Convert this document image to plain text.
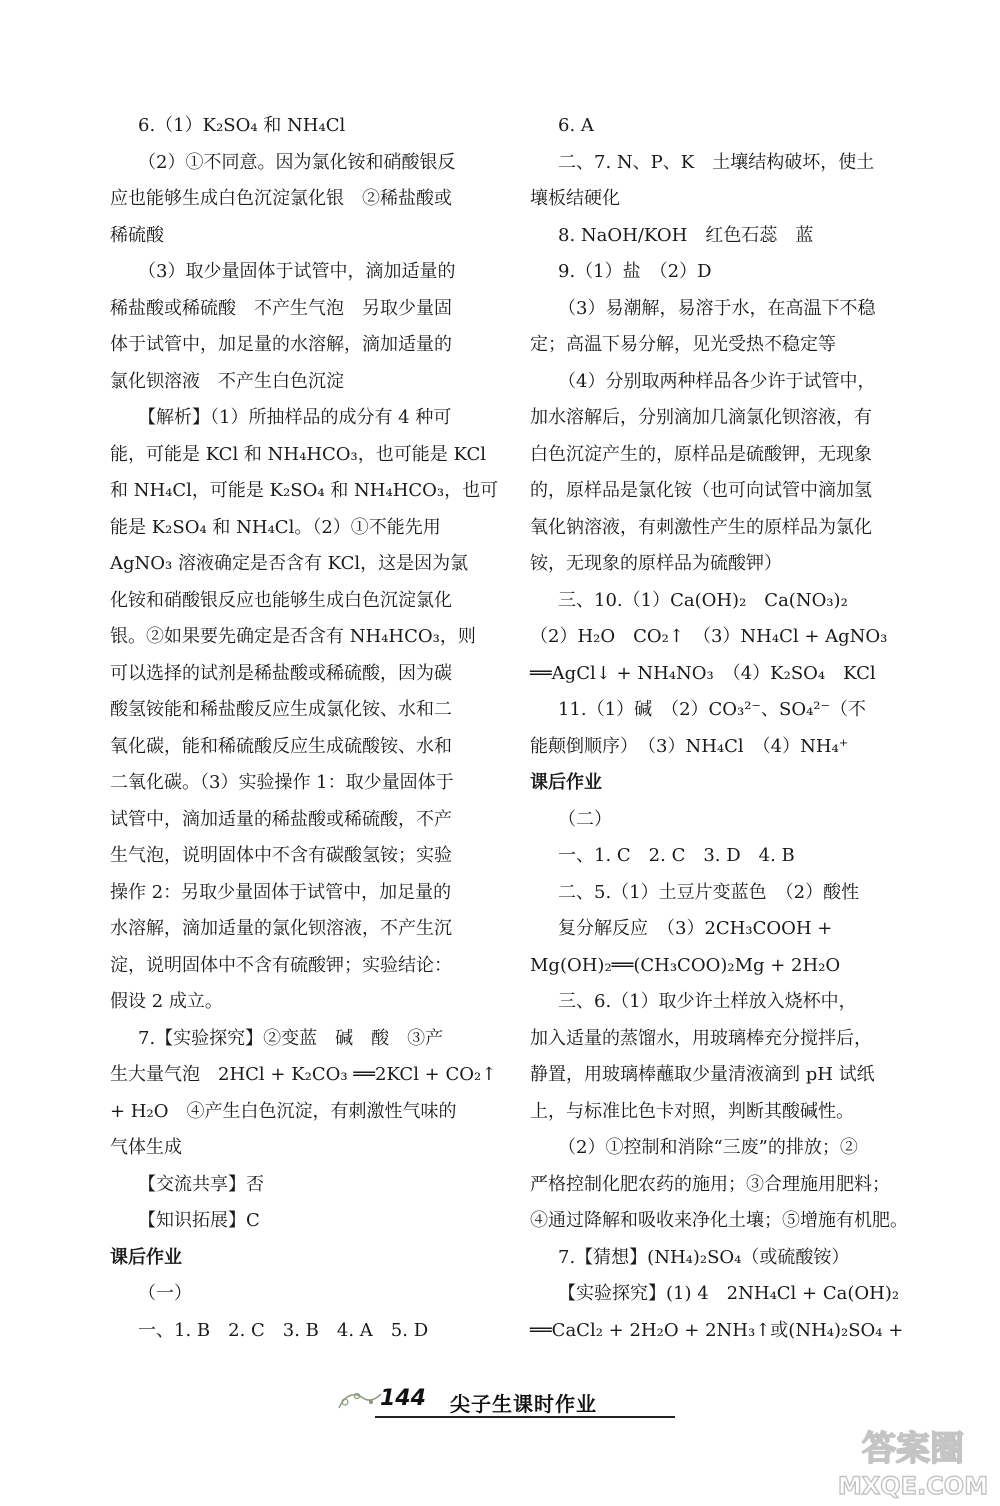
6.（1）K₂SO₄ 和 NH₄Cl
（2）①不同意。因为氯化铵和硝酸银反
应也能够生成白色沉淀氯化银　②稀盐酸或
稀硫酸
（3）取少量固体于试管中，滴加适量的
稀盐酸或稀硫酸　不产生气泡　另取少量固
体于试管中，加足量的水溶解，滴加适量的
氯化钡溶液　不产生白色沉淀
【解析】（1）所抽样品的成分有 4 种可
能，可能是 KCl 和 NH₄HCO₃，也可能是 KCl
和 NH₄Cl，可能是 K₂SO₄ 和 NH₄HCO₃，也可
能是 K₂SO₄ 和 NH₄Cl。（2）①不能先用
AgNO₃ 溶液确定是否含有 KCl，这是因为氯
化铵和硝酸银反应也能够生成白色沉淀氯化
银。②如果要先确定是否含有 NH₄HCO₃，则
可以选择的试剂是稀盐酸或稀硫酸，因为碳
酸氢铵能和稀盐酸反应生成氯化铵、水和二
氧化碳，能和稀硫酸反应生成硫酸铵、水和
二氧化碳。（3）实验操作 1：取少量固体于
试管中，滴加适量的稀盐酸或稀硫酸，不产
生气泡，说明固体中不含有碳酸氢铵；实验
操作 2：另取少量固体于试管中，加足量的
水溶解，滴加适量的氯化钡溶液，不产生沉
淀，说明固体中不含有硫酸钾；实验结论：
假设 2 成立。
7.【实验探究】②变蓝　碱　酸　③产
生大量气泡　2HCl + K₂CO₃ ══2KCl + CO₂↑
+ H₂O　④产生白色沉淀，有刺激性气味的
气体生成
【交流共享】否
【知识拓展】C
课后作业
（一）
一、1. B　2. C　3. B　4. A　5. D
6. A
二、7. N、P、K　土壤结构破坏，使土
壤板结硬化
8. NaOH/KOH　红色石蕊　蓝
9.（1）盐　（2）D
（3）易潮解，易溶于水，在高温下不稳
定；高温下易分解，见光受热不稳定等
（4）分别取两种样品各少许于试管中，
加水溶解后，分别滴加几滴氯化钡溶液，有
白色沉淀产生的，原样品是硫酸钾，无现象
的，原样品是氯化铵（也可向试管中滴加氢
氧化钠溶液，有刺激性产生的原样品为氯化
铵，无现象的原样品为硫酸钾）
三、10.（1）Ca(OH)₂　Ca(NO₃)₂
（2）H₂O　CO₂↑　（3）NH₄Cl + AgNO₃
══AgCl↓ + NH₄NO₃　（4）K₂SO₄　KCl
11.（1）碱　（2）CO₃²⁻、SO₄²⁻（不
能颠倒顺序）　（3）NH₄Cl　（4）NH₄⁺
课后作业
（二）
一、1. C　2. C　3. D　4. B
二、5.（1）土豆片变蓝色　（2）酸性
复分解反应　（3）2CH₃COOH +
Mg(OH)₂══(CH₃COO)₂Mg + 2H₂O
三、6.（1）取少许土样放入烧杯中，
加入适量的蒸馏水，用玻璃棒充分搅拌后，
静置，用玻璃棒蘸取少量清液滴到 pH 试纸
上，与标准比色卡对照，判断其酸碱性。
（2）①控制和消除“三废”的排放；②
严格控制化肥农药的施用；③合理施用肥料；
④通过降解和吸收来净化土壤；⑤增施有机肥。
7.【猜想】(NH₄)₂SO₄（或硫酸铵）
【实验探究】(1) 4　2NH₄Cl + Ca(OH)₂
══CaCl₂ + 2H₂O + 2NH₃↑或(NH₄)₂SO₄ +
144 尖子生课时作业
答案圈
MXQE.COM
